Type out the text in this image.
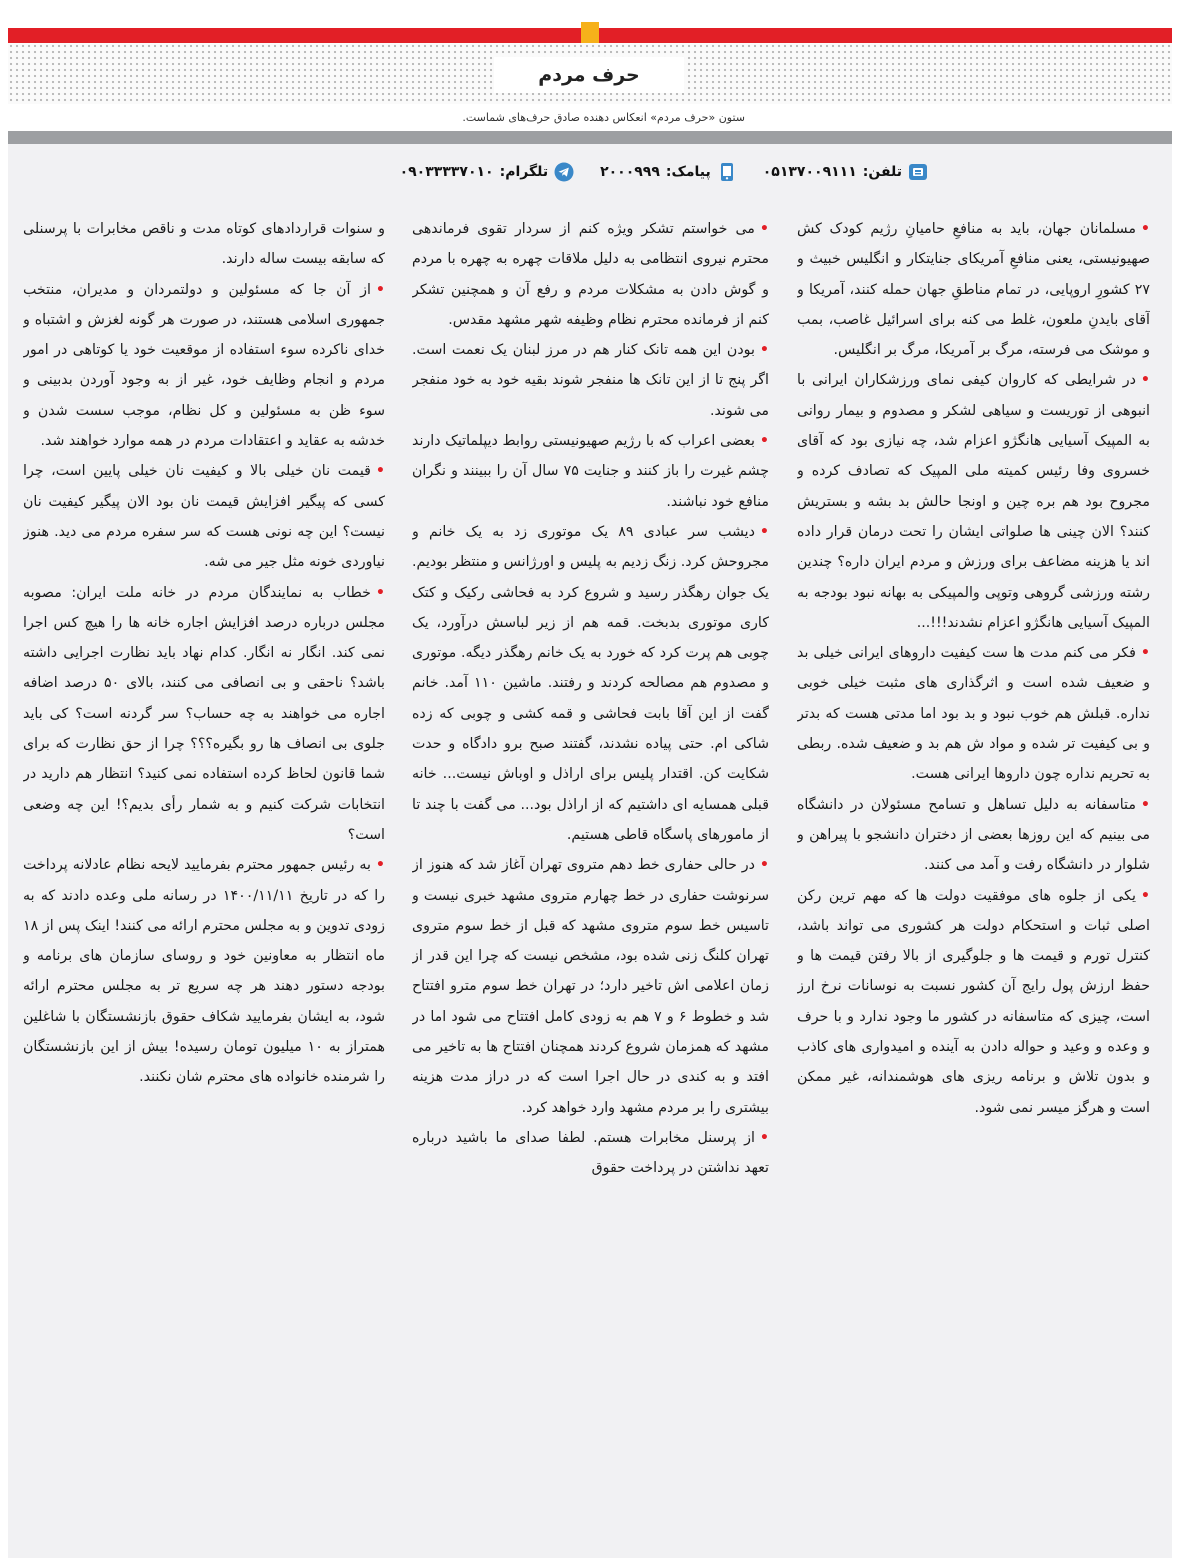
حرف مردم
ستون «حرف مردم» انعکاس دهنده صادق حرف‌های شماست.
تلفن:
۰۵۱۳۷۰۰۹۱۱۱
پیامک:
۲۰۰۰۹۹۹
تلگرام:
۰۹۰۳۳۳۳۷۰۱۰

•مسلمانان جهان، باید به منافعِ حامیانِ رژیم کودک کش صهیونیستی، یعنی منافعِ آمریکای جنایتکار و انگلیس خبیث و ۲۷ کشورِ اروپایی، در تمام مناطقِ جهان حمله کنند، آمریکا و آقای بایدنِ ملعون، غلط می کنه برای اسرائیل غاصب، بمب و موشک می فرسته، مرگ بر آمریکا، مرگ بر انگلیس.

•در شرایطی که کاروان کیفی نمای ورزشکاران ایرانی با انبوهی از توریست و سیاهی لشکر و مصدوم و بیمار روانی به المپیک آسیایی هانگژو اعزام شد، چه نیازی بود که آقای خسروی وفا رئیس کمیته ملی المپیک که تصادف کرده و مجروح بود هم بره چین و اونجا حالش بد بشه و بستریش کنند؟ الان چینی ها صلواتی ایشان را تحت درمان قرار داده اند یا هزینه مضاعف برای ورزش و مردم ایران داره؟ چندین رشته ورزشی گروهی وتوپی والمپیکی به بهانه نبود بودجه به المپیک آسیایی هانگژو اعزام نشدند!!!...

•فکر می کنم مدت ها ست کیفیت داروهای ایرانی خیلی بد و ضعیف شده است و اثرگذاری های مثبت خیلی خوبی نداره. قبلش هم خوب نبود و بد بود اما مدتی هست که بدتر و بی کیفیت تر شده و مواد ش هم بد و ضعیف شده. ربطی به تحریم نداره چون داروها ایرانی هست.

•متاسفانه به دلیل تساهل و تسامح مسئولان در دانشگاه می بینیم که این روزها بعضی از دختران دانشجو با پیراهن و شلوار در دانشگاه رفت و آمد می کنند.

•یکی از جلوه های موفقیت دولت ها که مهم ترین رکن اصلی ثبات و استحکام دولت هر کشوری می تواند باشد، کنترل تورم و قیمت ها و جلوگیری از بالا رفتن قیمت ها و حفظ ارزش پول رایج آن کشور نسبت به نوسانات نرخ ارز است، چیزی که متاسفانه در کشور ما وجود ندارد و با حرف و وعده و وعید و حواله دادن به آینده و امیدواری های کاذب و بدون تلاش و برنامه ریزی های هوشمندانه، غیر ممکن است و هرگز میسر نمی شود.

•می خواستم تشکر ویژه کنم از سردار تقوی فرماندهی محترم نیروی انتظامی به دلیل ملاقات چهره به چهره با مردم و گوش دادن به مشکلات مردم و رفع آن و همچنین تشکر کنم از فرمانده محترم نظام وظیفه شهر مشهد مقدس.

•بودن این همه تانک کنار هم در مرز لبنان یک نعمت است. اگر پنج تا از این تانک ها منفجر شوند بقیه خود به خود منفجر می شوند.

•بعضی اعراب که با رژیم صهیونیستی روابط دیپلماتیک دارند چشم غیرت را باز کنند و جنایت ۷۵ سال آن را ببینند و نگران منافع خود نباشند.

•دیشب سر عبادی ۸۹ یک موتوری زد به یک خانم و مجروحش کرد. زنگ زدیم به پلیس و اورژانس و منتظر بودیم. یک جوان رهگذر رسید و شروع کرد به فحاشی رکیک و کتک کاری موتوری بدبخت. قمه هم از زیر لباسش درآورد، یک چوبی هم پرت کرد که خورد به یک خانم رهگذر دیگه. موتوری و مصدوم هم مصالحه کردند و رفتند. ماشین ۱۱۰ آمد. خانم گفت از این آقا بابت فحاشی و قمه کشی و چوبی که زده شاکی ام. حتی پیاده نشدند، گفتند صبح برو دادگاه و حدت شکایت کن. اقتدار پلیس برای اراذل و اوباش نیست... خانه قبلی همسایه ای داشتیم که از اراذل بود... می گفت با چند تا از مامورهای پاسگاه قاطی هستیم.

•در حالی حفاری خط دهم متروی تهران آغاز شد که هنوز از سرنوشت حفاری در خط چهارم متروی مشهد خبری نیست و تاسیس خط سوم متروی مشهد که قبل از خط سوم متروی تهران کلنگ زنی شده بود، مشخص نیست که چرا این قدر از زمان اعلامی اش تاخیر دارد؛ در تهران خط سوم مترو افتتاح شد و خطوط ۶ و ۷ هم به زودی کامل افتتاح می شود اما در مشهد که همزمان شروع کردند همچنان افتتاح ها به تاخیر می افتد و به کندی در حال اجرا است که در دراز مدت هزینه بیشتری را بر مردم مشهد وارد خواهد کرد.

•از پرسنل مخابرات هستم. لطفا صدای ما باشید درباره تعهد نداشتن در پرداخت حقوق

و سنوات قراردادهای کوتاه مدت و ناقص مخابرات با پرسنلی که سابقه بیست ساله دارند.

•از آن جا که مسئولین و دولتمردان و مدیران، منتخب جمهوری اسلامی هستند، در صورت هر گونه لغزش و اشتباه و خدای ناکرده سوء استفاده از موقعیت خود یا کوتاهی در امور مردم و انجام وظایف خود، غیر از به وجود آوردن بدبینی و سوء ظن به مسئولین و کل نظام، موجب سست شدن و خدشه به عقاید و اعتقادات مردم در همه موارد خواهند شد.

•قیمت نان خیلی بالا و کیفیت نان خیلی پایین است، چرا کسی که پیگیر افزایش قیمت نان بود الان پیگیر کیفیت نان نیست؟ این چه نونی هست که سر سفره مردم می دید. هنوز نیاوردی خونه مثل جیر می شه.

•خطاب به نمایندگان مردم در خانه ملت ایران: مصوبه مجلس درباره درصد افزایش اجاره خانه ها را هیچ کس اجرا نمی کند. انگار نه انگار. کدام نهاد باید نظارت اجرایی داشته باشد؟ ناحقی و بی انصافی می کنند، بالای ۵۰ درصد اضافه اجاره می خواهند به چه حساب؟ سر گردنه است؟ کی باید جلوی بی انصاف ها رو بگیره؟؟؟ چرا از حق نظارت که برای شما قانون لحاظ کرده استفاده نمی کنید؟ انتظار هم دارید در انتخابات شرکت کنیم و به شمار رأی بدیم؟! این چه وضعی است؟

•به رئیس جمهور محترم بفرمایید لایحه نظام عادلانه پرداخت را که در تاریخ ۱۴۰۰/۱۱/۱۱ در رسانه ملی وعده دادند که به زودی تدوین و به مجلس محترم ارائه می کنند! اینک پس از ۱۸ ماه انتظار به معاونین خود و روسای سازمان های برنامه و بودجه دستور دهند هر چه سریع تر به مجلس محترم ارائه شود، به ایشان بفرمایید شکاف حقوق بازنشستگان با شاغلین همتراز به ۱۰ میلیون تومان رسیده! بیش از این بازنشستگان را شرمنده خانواده های محترم شان نکنند.
